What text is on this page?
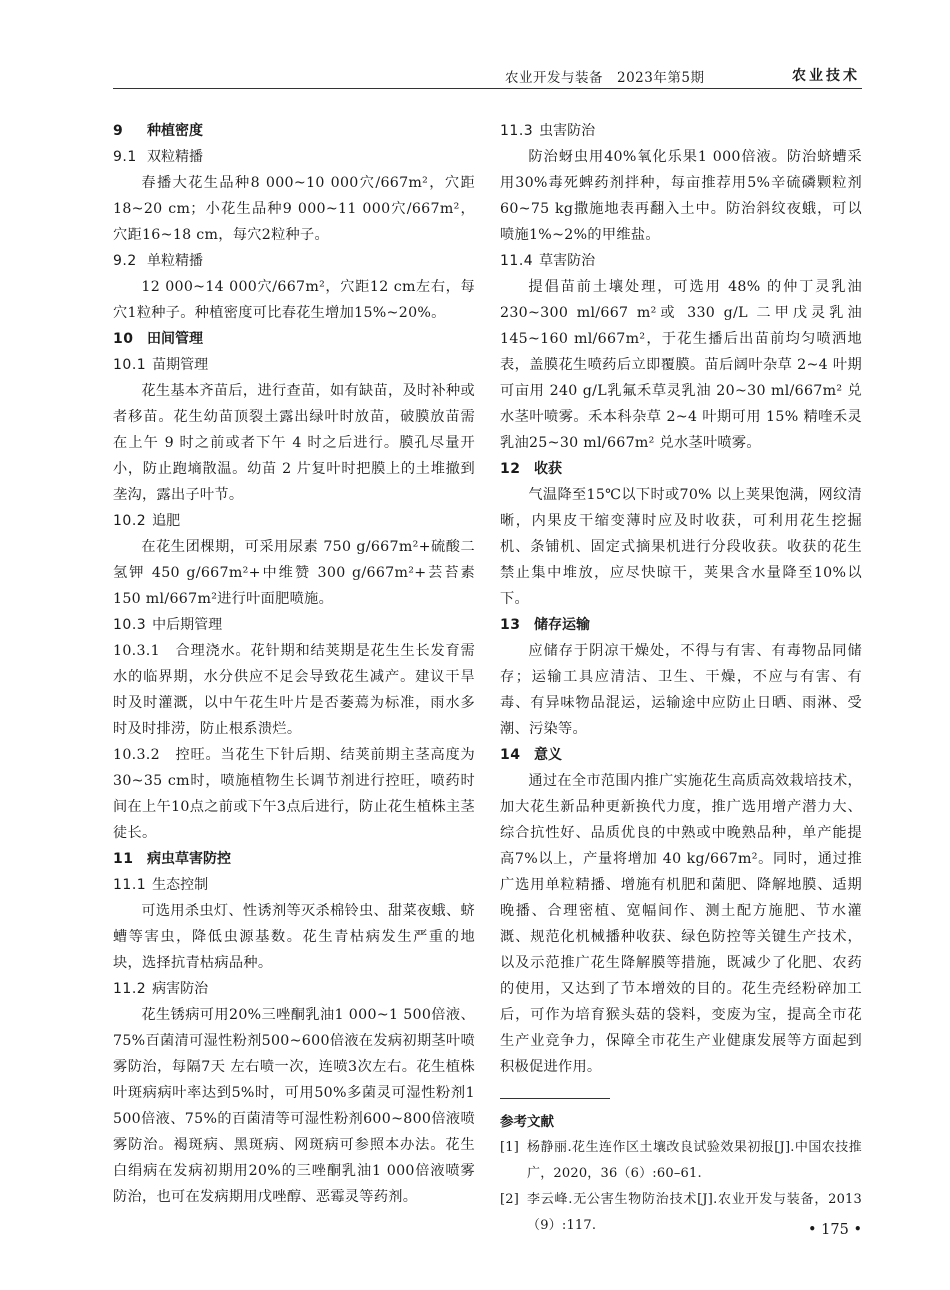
农业开发与装备　2023年第5期	农业技术
9 种植密度
9.1 双粒精播

春播大花生品种8 000~10 000穴/667m²，穴距18~20 cm；小花生品种9 000~11 000穴/667m²，穴距16~18 cm，每穴2粒种子。

9.2 单粒精播

12 000~14 000穴/667m²，穴距12 cm左右，每穴1粒种子。种植密度可比春花生增加15%~20%。

10 田间管理
10.1 苗期管理

花生基本齐苗后，进行查苗，如有缺苗，及时补种或者移苗。花生幼苗顶裂土露出绿叶时放苗，破膜放苗需在上午 9 时之前或者下午 4 时之后进行。膜孔尽量开小，防止跑墒散温。幼苗 2 片复叶时把膜上的土堆撤到垄沟，露出子叶节。

10.2 追肥

在花生团棵期，可采用尿素 750 g/667m²+硫酸二氢钾 450 g/667m²+中维赞 300 g/667m²+芸苔素 150 ml/667m²进行叶面肥喷施。

10.3 中后期管理

10.3.1　合理浇水。花针期和结荚期是花生生长发育需水的临界期，水分供应不足会导致花生减产。建议干旱时及时灌溉，以中午花生叶片是否萎蔫为标准，雨水多时及时排涝，防止根系溃烂。

10.3.2　控旺。当花生下针后期、结荚前期主茎高度为30~35 cm时，喷施植物生长调节剂进行控旺，喷药时间在上午10点之前或下午3点后进行，防止花生植株主茎徒长。

11 病虫草害防控
11.1 生态控制

可选用杀虫灯、性诱剂等灭杀棉铃虫、甜菜夜蛾、蛴螬等害虫，降低虫源基数。花生青枯病发生严重的地块，选择抗青枯病品种。

11.2 病害防治

花生锈病可用20%三唑酮乳油1 000~1 500倍液、75%百菌清可湿性粉剂500~600倍液在发病初期茎叶喷雾防治，每隔7天 左右喷一次，连喷3次左右。花生植株叶斑病病叶率达到5%时，可用50%多菌灵可湿性粉剂1 500倍液、75%的百菌清等可湿性粉剂600~800倍液喷雾防治。褐斑病、黑斑病、网斑病可参照本办法。花生白绢病在发病初期用20%的三唑酮乳油1 000倍液喷雾防治，也可在发病期用戊唑醇、恶霉灵等药剂。

11.3 虫害防治

防治蚜虫用40%氧化乐果1 000倍液。防治蛴螬采用30%毒死蜱药剂拌种，每亩推荐用5%辛硫磷颗粒剂60~75 kg撒施地表再翻入土中。防治斜纹夜蛾，可以喷施1%~2%的甲维盐。

11.4 草害防治

提倡苗前土壤处理，可选用 48% 的仲丁灵乳油 230~300 ml/667 m²或 330 g/L 二甲戊灵乳油145~160 ml/667m²，于花生播后出苗前均匀喷洒地表，盖膜花生喷药后立即覆膜。苗后阔叶杂草 2~4 叶期可亩用 240 g/L乳氟禾草灵乳油 20~30 ml/667m² 兑水茎叶喷雾。禾本科杂草 2~4 叶期可用 15% 精喹禾灵乳油25~30 ml/667m² 兑水茎叶喷雾。

12 收获

气温降至15℃以下时或70% 以上荚果饱满，网纹清晰，内果皮干缩变薄时应及时收获，可利用花生挖掘机、条铺机、固定式摘果机进行分段收获。收获的花生禁止集中堆放，应尽快晾干，荚果含水量降至10%以下。

13 储存运输

应储存于阴凉干燥处，不得与有害、有毒物品同储存；运输工具应清洁、卫生、干燥，不应与有害、有毒、有异味物品混运，运输途中应防止日晒、雨淋、受潮、污染等。

14 意义

通过在全市范围内推广实施花生高质高效栽培技术，加大花生新品种更新换代力度，推广选用增产潜力大、综合抗性好、品质优良的中熟或中晚熟品种，单产能提高7%以上，产量将增加 40 kg/667m²。同时，通过推广选用单粒精播、增施有机肥和菌肥、降解地膜、适期晚播、合理密植、宽幅间作、测土配方施肥、节水灌溉、规范化机械播种收获、绿色防控等关键生产技术，以及示范推广花生降解膜等措施，既减少了化肥、农药的使用，又达到了节本增效的目的。花生壳经粉碎加工后，可作为培育猴头菇的袋料，变废为宝，提高全市花生产业竞争力，保障全市花生产业健康发展等方面起到积极促进作用。

参考文献
[1] 杨静丽.花生连作区土壤改良试验效果初报[J].中国农技推广，2020，36（6）:60–61.
[2] 李云峰.无公害生物防治技术[J].农业开发与装备，2013（9）:117.	• 175 •
